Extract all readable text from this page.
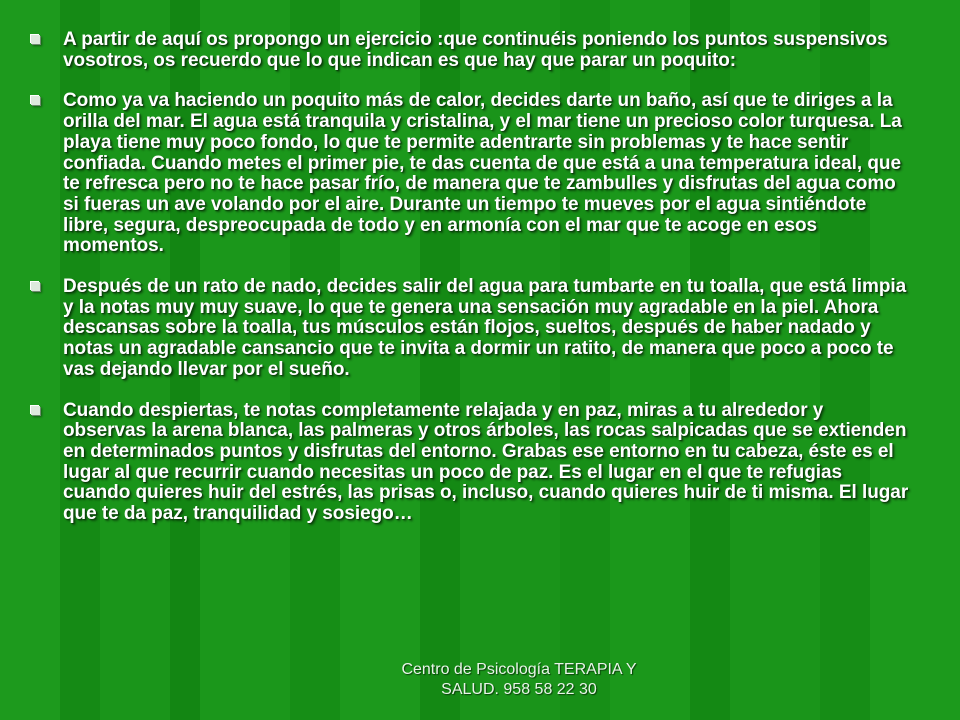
A partir de aquí os propongo un ejercicio :que continuéis poniendo los puntos suspensivos vosotros, os recuerdo que lo que indican es que hay que parar un poquito:
Como ya va haciendo un poquito más de calor, decides darte un baño, así que te diriges a la orilla del mar. El agua está tranquila y cristalina, y el mar tiene un precioso color turquesa. La playa tiene muy poco fondo, lo que te permite adentrarte sin problemas y te hace sentir confiada. Cuando metes el primer pie, te das cuenta de que está a una temperatura ideal, que te refresca pero no te hace pasar frío, de manera que te zambulles y disfrutas del agua como si fueras un ave volando por el aire. Durante un tiempo te mueves por el agua sintiéndote libre, segura, despreocupada de todo y en armonía con el mar que te acoge en esos momentos.
Después de un rato de nado, decides salir del agua para tumbarte en tu toalla, que está limpia y la notas muy muy suave, lo que te genera una sensación muy agradable en la piel. Ahora descansas sobre la toalla, tus músculos están flojos, sueltos, después de haber nadado y notas un agradable cansancio que te invita a dormir un ratito, de manera que poco a poco te vas dejando llevar por el sueño.
Cuando despiertas, te notas completamente relajada y en paz, miras a tu alrededor y observas la arena blanca, las palmeras y otros árboles, las rocas salpicadas que se extienden en determinados puntos y disfrutas del entorno. Grabas ese entorno en tu cabeza, éste es el lugar al que recurrir cuando necesitas un poco de paz. Es el lugar en el que te refugias cuando quieres huir del estrés, las prisas o, incluso, cuando quieres huir de ti misma. El lugar que te da paz, tranquilidad y sosiego…
Centro de Psicología TERAPIA Y
SALUD. 958 58 22 30
